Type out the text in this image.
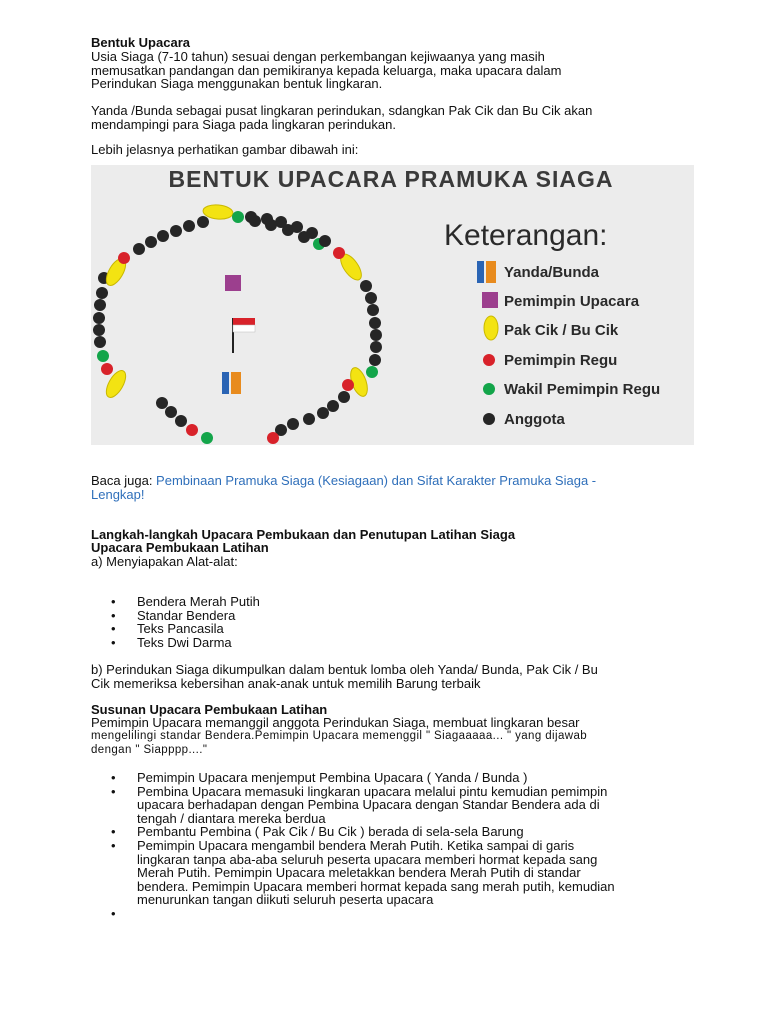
Bentuk Upacara
Usia Siaga (7-10 tahun) sesuai dengan perkembangan kejiwaanya yang masih
memusatkan pandangan dan pemikiranya kepada keluarga, maka upacara dalam
Perindukan Siaga menggunakan bentuk lingkaran.
Yanda /Bunda sebagai pusat lingkaran perindukan, sdangkan Pak Cik dan Bu Cik akan
mendampingi para Siaga pada lingkaran perindukan.
Lebih jelasnya perhatikan gambar dibawah ini:
BENTUK UPACARA PRAMUKA SIAGA
Keterangan:
Yanda/Bunda
Pemimpin Upacara
Pak Cik / Bu Cik
Pemimpin Regu
Wakil Pemimpin Regu
Anggota
Baca juga: Pembinaan Pramuka Siaga (Kesiagaan) dan Sifat Karakter Pramuka Siaga -
Lengkap!
Langkah-langkah Upacara Pembukaan dan Penutupan Latihan Siaga
Upacara Pembukaan Latihan
a) Menyiapakan Alat-alat:
• Bendera Merah Putih
• Standar Bendera
• Teks Pancasila
• Teks Dwi Darma
b) Perindukan Siaga dikumpulkan dalam bentuk lomba oleh Yanda/ Bunda, Pak Cik / Bu
Cik memeriksa kebersihan anak-anak untuk memilih Barung terbaik
Susunan Upacara Pembukaan Latihan
Pemimpin Upacara memanggil anggota Perindukan Siaga, membuat lingkaran besar
mengelilingi standar Bendera.Pemimpin Upacara memenggil " Siagaaaaa... " yang dijawab
dengan " Siapppp...."
• Pemimpin Upacara menjemput Pembina Upacara ( Yanda / Bunda )
• Pembina Upacara memasuki lingkaran upacara melalui pintu kemudian pemimpin
upacara berhadapan dengan Pembina Upacara dengan Standar Bendera ada di
tengah / diantara mereka berdua
• Pembantu Pembina ( Pak Cik / Bu Cik ) berada di sela-sela Barung
• Pemimpin Upacara mengambil bendera Merah Putih. Ketika sampai di garis
lingkaran tanpa aba-aba seluruh peserta upacara memberi hormat kepada sang
Merah Putih. Pemimpin Upacara meletakkan bendera Merah Putih di standar
bendera. Pemimpin Upacara memberi hormat kepada sang merah putih, kemudian
menurunkan tangan diikuti seluruh peserta upacara
•
